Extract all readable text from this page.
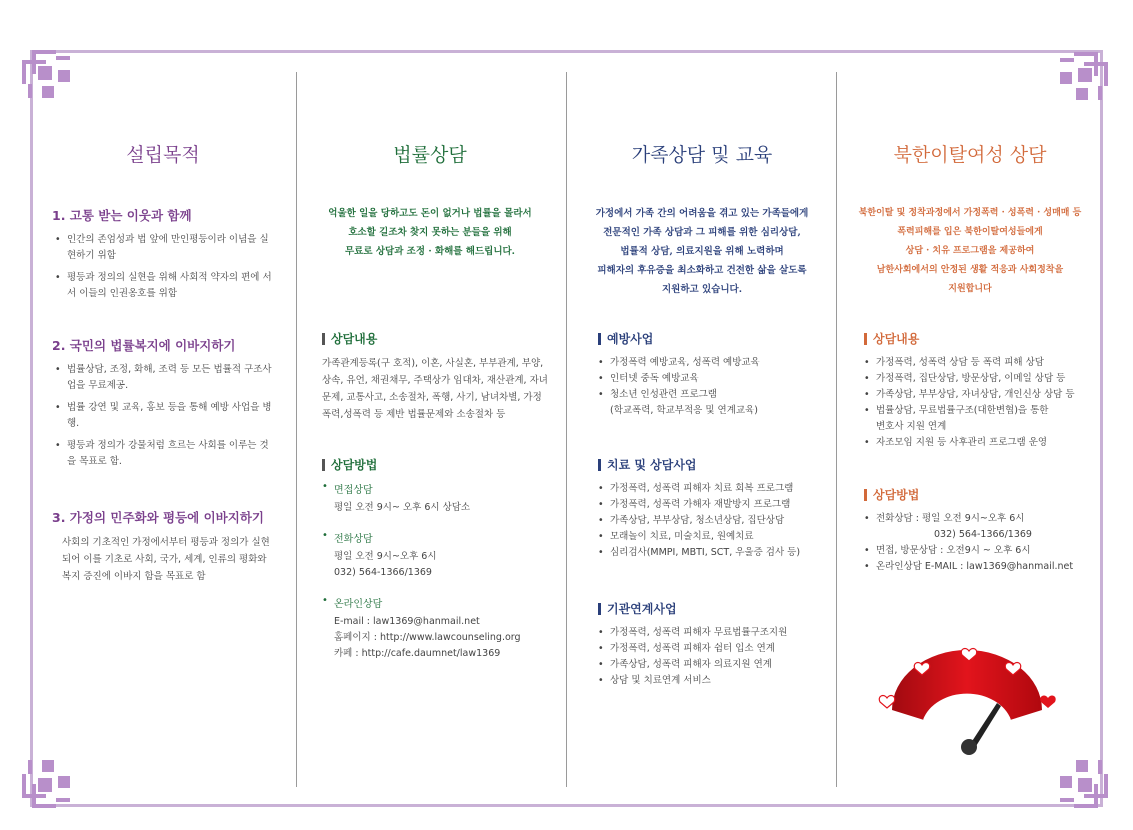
설립목적

1. 고통 받는 이웃과 함께

• 인간의 존엄성과 법 앞에 만인평등이라 이념을 실현하기 위함
• 평등과 정의의 실현을 위해 사회적 약자의 편에 서서 이들의 인권옹호를 위함

2. 국민의 법률복지에 이바지하기

• 법률상담, 조정, 화해, 조력 등 모든 법률적 구조사업을 무료제공.
• 법률 강연 및 교육, 홍보 등을 통해 예방 사업을 병행.
• 평등과 정의가 강물처럼 흐르는 사회를 이루는 것을 목표로 함.

3. 가정의 민주화와 평등에 이바지하기

사회의 기초적인 가정에서부터 평등과 정의가 실현되어 이를 기초로 사회, 국가, 세계, 인류의 평화와 복지 증진에 이바지 함을 목표로 함

법률상담

억울한 일을 당하고도 돈이 없거나 법률을 몰라서

호소할 길조차 찾지 못하는 분들을 위해

무료로 상담과 조정 · 화해를 해드립니다.

상담내용

가족관계등록(구 호적), 이혼, 사실혼, 부부관계, 부양, 상속, 유언, 채권채무, 주택상가 임대차, 재산관계, 자녀문제, 교통사고, 소송절차, 폭행, 사기, 남녀차별, 가정폭력,성폭력 등 제반 법률문제와 소송절차 등

상담방법

• 면접상담

평일 오전 9시~ 오후 6시 상담소

• 전화상담

평일 오전 9시~오후 6시

032) 564-1366/1369

• 온라인상담

E-mail : law1369@hanmail.net

홈페이지 : http://www.lawcounseling.org

카페 : http://cafe.daumnet/law1369

가족상담 및 교육

가정에서 가족 간의 어려움을 겪고 있는 가족들에게

전문적인 가족 상담과 그 피해를 위한 심리상담,

법률적 상담, 의료지원을 위해 노력하며

피해자의 후유증을 최소화하고 건전한 삶을 살도록

지원하고 있습니다.

예방사업

• 가정폭력 예방교육, 성폭력 예방교육
• 인터넷 중독 예방교육
• 청소년 인성관련 프로그램
(학교폭력, 학교부적응 및 연계교육)

치료 및 상담사업

• 가정폭력, 성폭력 피해자 치료 회복 프로그램
• 가정폭력, 성폭력 가해자 재발방지 프로그램
• 가족상담, 부부상담, 청소년상담, 집단상담
• 모래놀이 치료, 미술치료, 원예치료
• 심리검사(MMPI, MBTI, SCT, 우울증 검사 등)

기관연계사업

• 가정폭력, 성폭력 피해자 무료법률구조지원
• 가정폭력, 성폭력 피해자 쉼터 입소 연계
• 가족상담, 성폭력 피해자 의료지원 연계
• 상담 및 치료연계 서비스
북한이탈여성 상담

북한이탈 및 정착과정에서 가정폭력 · 성폭력 · 성매매 등

폭력피해를 입은 북한이탈여성들에게

상담 · 치유 프로그램을 제공하여

남한사회에서의 안정된 생활 적응과 사회정착을

지원합니다

상담내용

• 가정폭력, 성폭력 상담 등 폭력 피해 상담
• 가정폭력, 집단상담, 방문상담, 이메일 상담 등
• 가족상담, 부부상담, 자녀상담, 개인신상 상담 등
• 법률상담, 무료법률구조(대한변협)을 통한
변호사 지원 연계
• 자조모임 지원 등 사후관리 프로그램 운영

상담방법

• 전화상담 : 평일 오전 9시~오후 6시
032) 564-1366/1369
• 면접, 방문상담 : 오전9시 ~ 오후 6시
• 온라인상담 E-MAIL : law1369@hanmail.net
